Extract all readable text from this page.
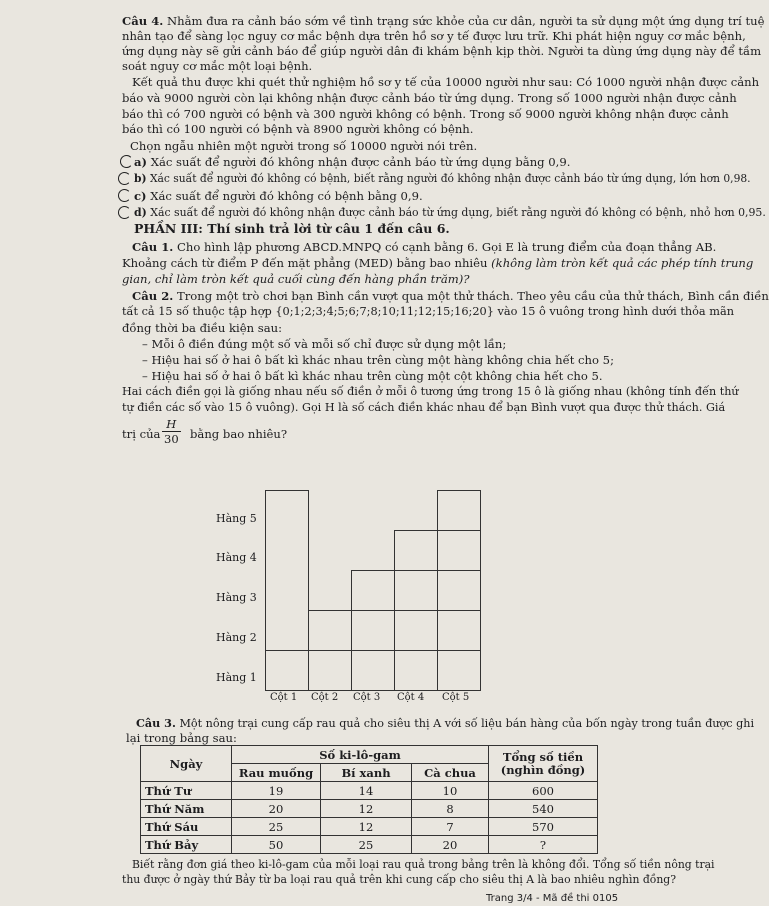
Câu 4. Nhằm đưa ra cảnh báo sớm về tình trạng sức khỏe của cư dân, người ta sử dụng một ứng dụng trí tuệ
nhân tạo để sàng lọc nguy cơ mắc bệnh dựa trên hồ sơ y tế được lưu trữ. Khi phát hiện nguy cơ mắc bệnh,
ứng dụng này sẽ gửi cảnh báo để giúp người dân đi khám bệnh kịp thời. Người ta dùng ứng dụng này để tầm
soát nguy cơ mắc một loại bệnh.
Kết quả thu được khi quét thử nghiệm hồ sơ y tế của 10000 người như sau: Có 1000 người nhận được cảnh
báo và 9000 người còn lại không nhận được cảnh báo từ ứng dụng. Trong số 1000 người nhận được cảnh
báo thì có 700 người có bệnh và 300 người không có bệnh. Trong số 9000 người không nhận được cảnh
báo thì có 100 người có bệnh và 8900 người không có bệnh.
Chọn ngẫu nhiên một người trong số 10000 người nói trên.
a) Xác suất để người đó không nhận được cảnh báo từ ứng dụng bằng 0,9.
b) Xác suất để người đó không có bệnh, biết rằng người đó không nhận được cảnh báo từ ứng dụng, lớn hơn 0,98.
c) Xác suất để người đó không có bệnh bằng 0,9.
d) Xác suất để người đó không nhận được cảnh báo từ ứng dụng, biết rằng người đó không có bệnh, nhỏ hơn 0,95.
PHẦN III: Thí sinh trả lời từ câu 1 đến câu 6.
Câu 1. Cho hình lập phương ABCD.MNPQ có cạnh bằng 6. Gọi E là trung điểm của đoạn thẳng AB.
Khoảng cách từ điểm P đến mặt phẳng (MED) bằng bao nhiêu (không làm tròn kết quả các phép tính trung
gian, chỉ làm tròn kết quả cuối cùng đến hàng phần trăm)?
Câu 2. Trong một trò chơi bạn Bình cần vượt qua một thử thách. Theo yêu cầu của thử thách, Bình cần điền
tất cả 15 số thuộc tập hợp {0;1;2;3;4;5;6;7;8;10;11;12;15;16;20} vào 15 ô vuông trong hình dưới thỏa mãn
đồng thời ba điều kiện sau:
– Mỗi ô điền đúng một số và mỗi số chỉ được sử dụng một lần;
– Hiệu hai số ở hai ô bất kì khác nhau trên cùng một hàng không chia hết cho 5;
– Hiệu hai số ở hai ô bất kì khác nhau trên cùng một cột không chia hết cho 5.
Hai cách điền gọi là giống nhau nếu số điền ở mỗi ô tương ứng trong 15 ô là giống nhau (không tính đến thứ
tự điền các số vào 15 ô vuông). Gọi H là số cách điền khác nhau để bạn Bình vượt qua được thử thách. Giá
trị của $\frac{H}{30}$ bằng bao nhiêu?
Hàng 5
Hàng 4
Hàng 3
Hàng 2
Hàng 1
Cột 1 Cột 2 Cột 3 Cột 4 Cột 5
Câu 3. Một nông trại cung cấp rau quả cho siêu thị A với số liệu bán hàng của bốn ngày trong tuần được ghi
lại trong bảng sau:
Ngày	Số ki-lô-gam			Tổng số tiền (nghìn đồng)
	Rau muống	Bí xanh	Cà chua	
Thứ Tư	19	14	10	600
Thứ Năm	20	12	8	540
Thứ Sáu	25	12	7	570
Thứ Bảy	50	25	20	?
Biết rằng đơn giá theo ki-lô-gam của mỗi loại rau quả trong bảng trên là không đổi. Tổng số tiền nông trại
thu được ở ngày thứ Bảy từ ba loại rau quả trên khi cung cấp cho siêu thị A là bao nhiêu nghìn đồng?
Trang 3/4 - Mã đề thi 0105
